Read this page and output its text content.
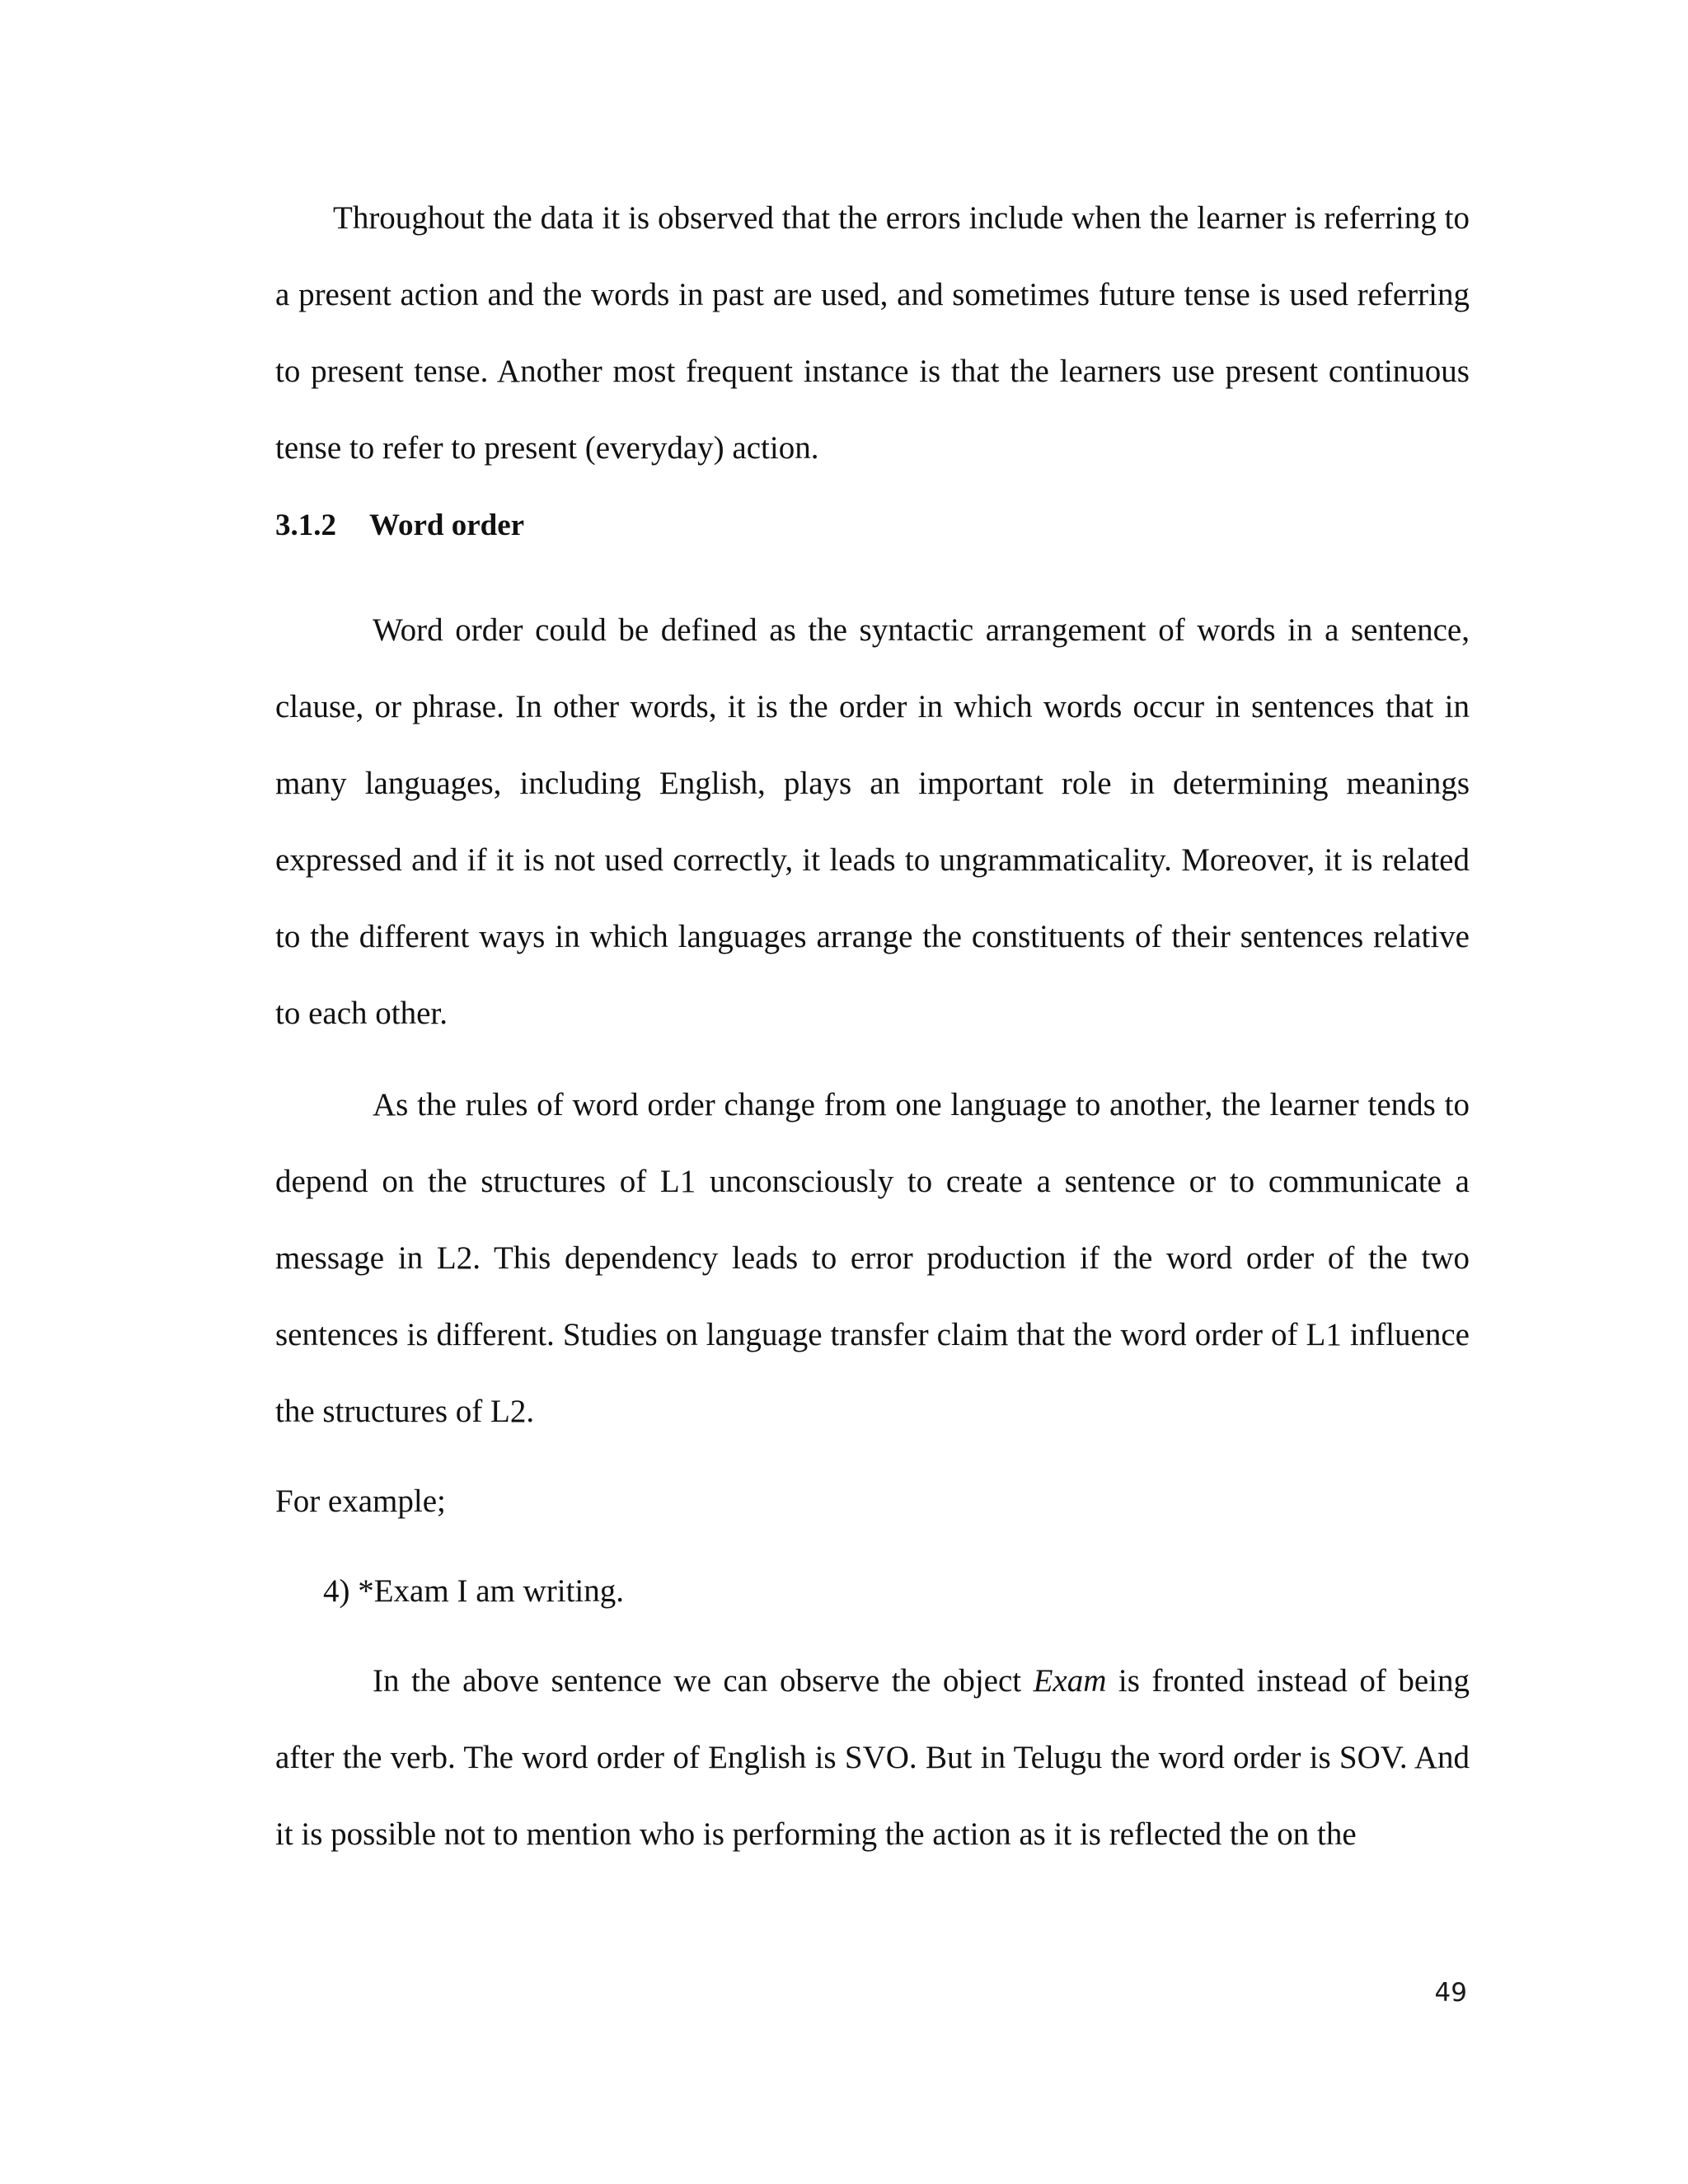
Throughout the data it is observed that the errors include when the learner is referring to a present action and the words in past are used, and sometimes future tense is used referring to present tense. Another most frequent instance is that the learners use present continuous tense to refer to present (everyday) action.

3.1.2 Word order

Word order could be defined as the syntactic arrangement of words in a sentence, clause, or phrase. In other words, it is the order in which words occur in sentences that in many languages, including English, plays an important role in determining meanings expressed and if it is not used correctly, it leads to ungrammaticality. Moreover, it is related to the different ways in which languages arrange the constituents of their sentences relative to each other.

As the rules of word order change from one language to another, the learner tends to depend on the structures of L1 unconsciously to create a sentence or to communicate a message in L2. This dependency leads to error production if the word order of the two sentences is different. Studies on language transfer claim that the word order of L1 influence the structures of L2.

For example;

4) *Exam I am writing.

In the above sentence we can observe the object Exam is fronted instead of being after the verb. The word order of English is SVO. But in Telugu the word order is SOV. And it is possible not to mention who is performing the action as it is reflected the on the

49
